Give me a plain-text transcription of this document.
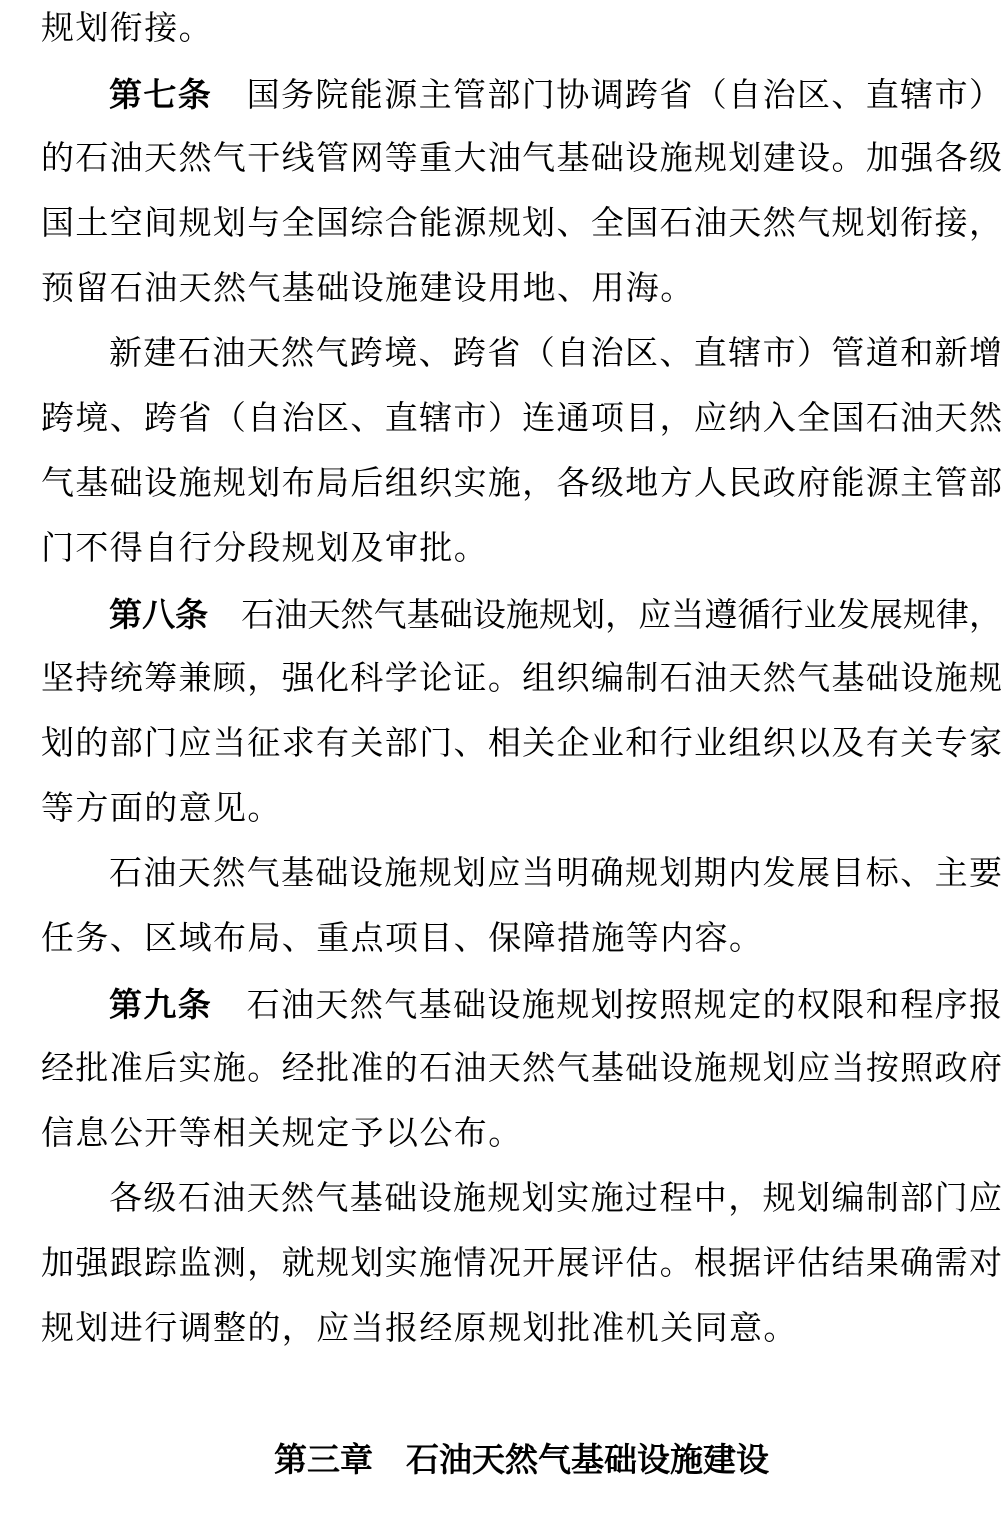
规划衔接。
第七条　国务院能源主管部门协调跨省（自治区、直辖市）
的石油天然气干线管网等重大油气基础设施规划建设。加强各级
国土空间规划与全国综合能源规划、全国石油天然气规划衔接，
预留石油天然气基础设施建设用地、用海。
新建石油天然气跨境、跨省（自治区、直辖市）管道和新增
跨境、跨省（自治区、直辖市）连通项目，应纳入全国石油天然
气基础设施规划布局后组织实施，各级地方人民政府能源主管部
门不得自行分段规划及审批。
第八条　石油天然气基础设施规划，应当遵循行业发展规律，
坚持统筹兼顾，强化科学论证。组织编制石油天然气基础设施规
划的部门应当征求有关部门、相关企业和行业组织以及有关专家
等方面的意见。
石油天然气基础设施规划应当明确规划期内发展目标、主要
任务、区域布局、重点项目、保障措施等内容。
第九条　石油天然气基础设施规划按照规定的权限和程序报
经批准后实施。经批准的石油天然气基础设施规划应当按照政府
信息公开等相关规定予以公布。
各级石油天然气基础设施规划实施过程中，规划编制部门应
加强跟踪监测，就规划实施情况开展评估。根据评估结果确需对
规划进行调整的，应当报经原规划批准机关同意。
第三章 石油天然气基础设施建设
